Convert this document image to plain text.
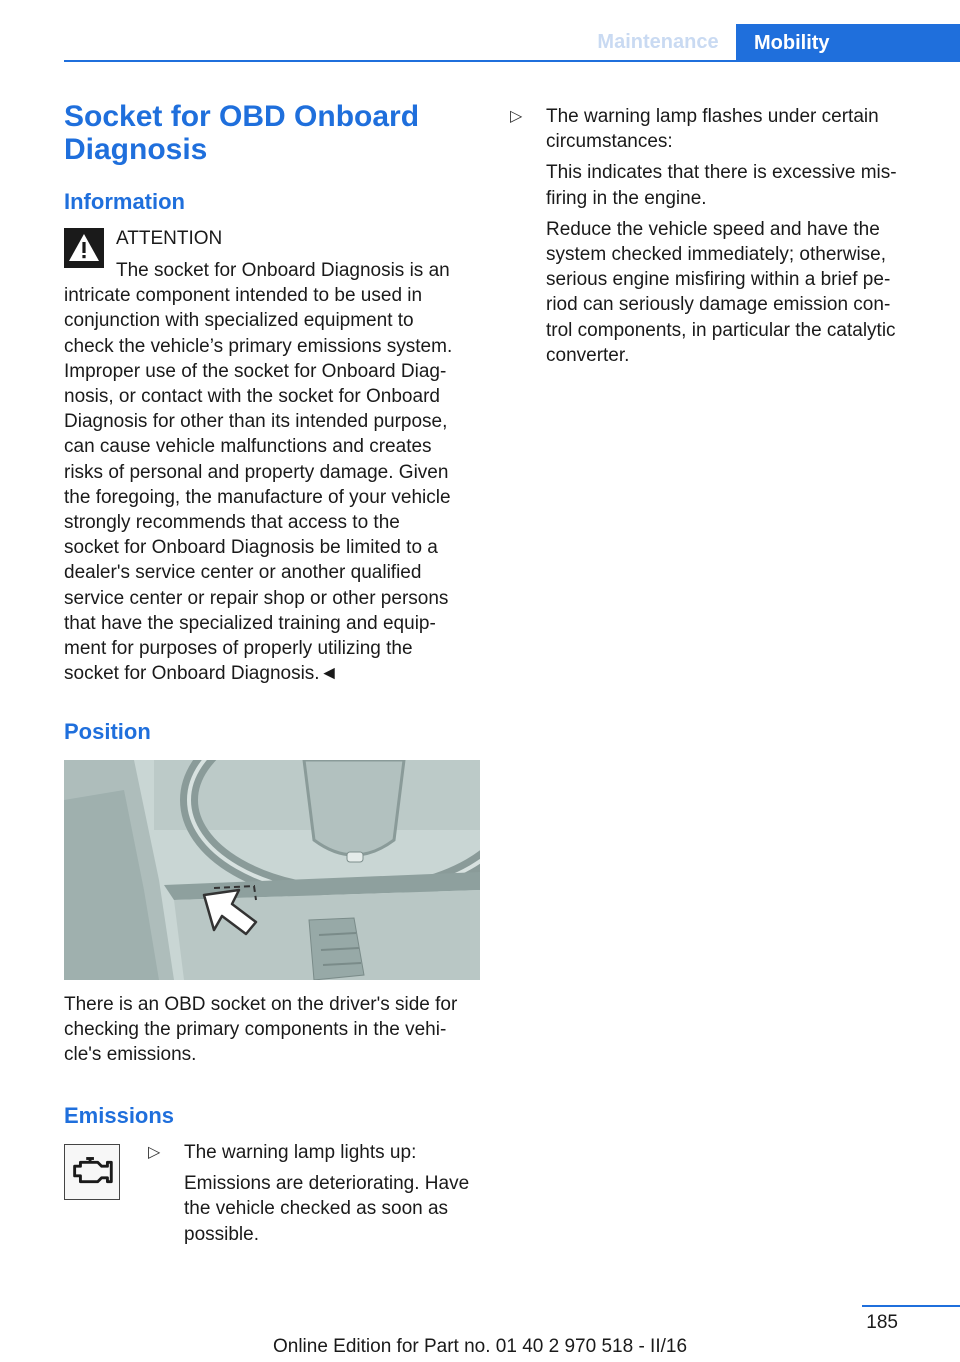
Maintenance	Mobility
Socket for OBD Onboard
Diagnosis
Information
ATTENTION

The socket for Onboard Diagnosis is an

intricate component intended to be used in

conjunction with specialized equipment to

check the vehicle’s primary emissions system.

Improper use of the socket for Onboard Diag‐

nosis, or contact with the socket for Onboard

Diagnosis for other than its intended purpose,

can cause vehicle malfunctions and creates

risks of personal and property damage. Given

the foregoing, the manufacture of your vehicle

strongly recommends that access to the

socket for Onboard Diagnosis be limited to a

dealer's service center or another qualified

service center or repair shop or other persons

that have the specialized training and equip‐

ment for purposes of properly utilizing the

socket for Onboard Diagnosis.◄

Position

There is an OBD socket on the driver's side for

checking the primary components in the vehi‐

cle's emissions.

Emissions
▷ The warning lamp lights up:

Emissions are deteriorating. Have

the vehicle checked as soon as

possible.

▷ The warning lamp flashes under certain

circumstances:

This indicates that there is excessive mis‐

firing in the engine.

Reduce the vehicle speed and have the

system checked immediately; otherwise,

serious engine misfiring within a brief pe‐

riod can seriously damage emission con‐

trol components, in particular the catalytic

converter.

185
Online Edition for Part no. 01 40 2 970 518 - II/16
